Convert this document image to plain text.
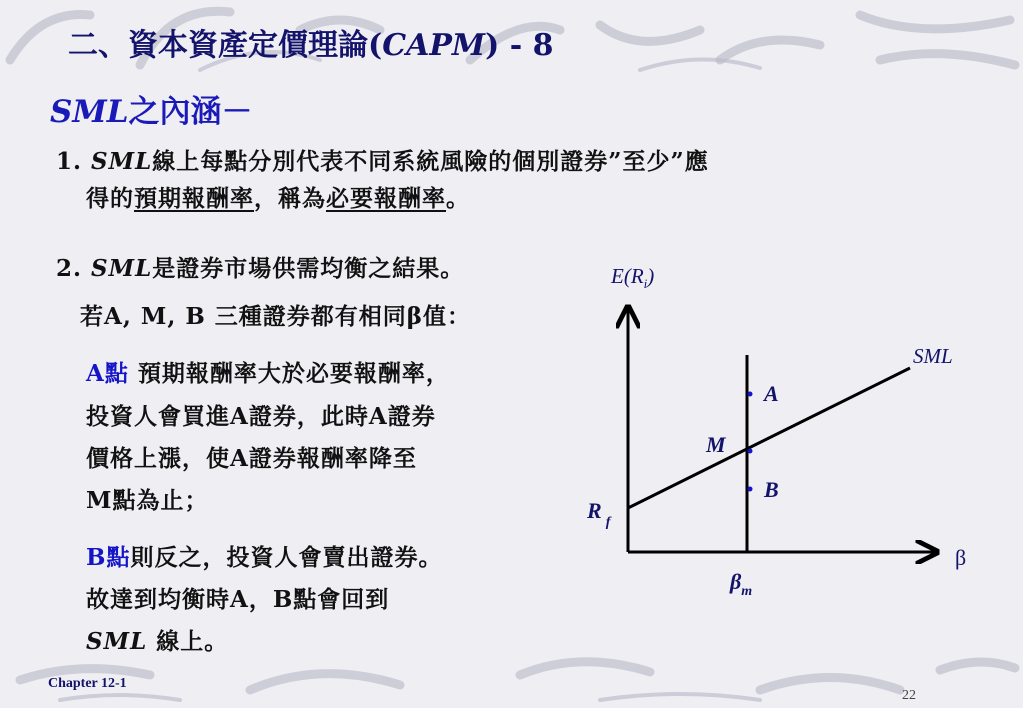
二、資本資產定價理論(CAPM) - 8
SML之內涵－
1. SML線上每點分別代表不同系統風險的個別證券”至少”應
得的預期報酬率，稱為必要報酬率。
2. SML是證券市場供需均衡之結果。
若A, M, B 三種證券都有相同β值：
A點 預期報酬率大於必要報酬率，
投資人會買進A證券，此時A證券
價格上漲，使A證券報酬率降至
M點為止；
B點則反之，投資人會賣出證券。
故達到均衡時A，B點會回到
SML 線上。
$E(R_i)$
SML
A
M
B
R $_f$
$\beta_m$
β
Chapter 12-1
22
